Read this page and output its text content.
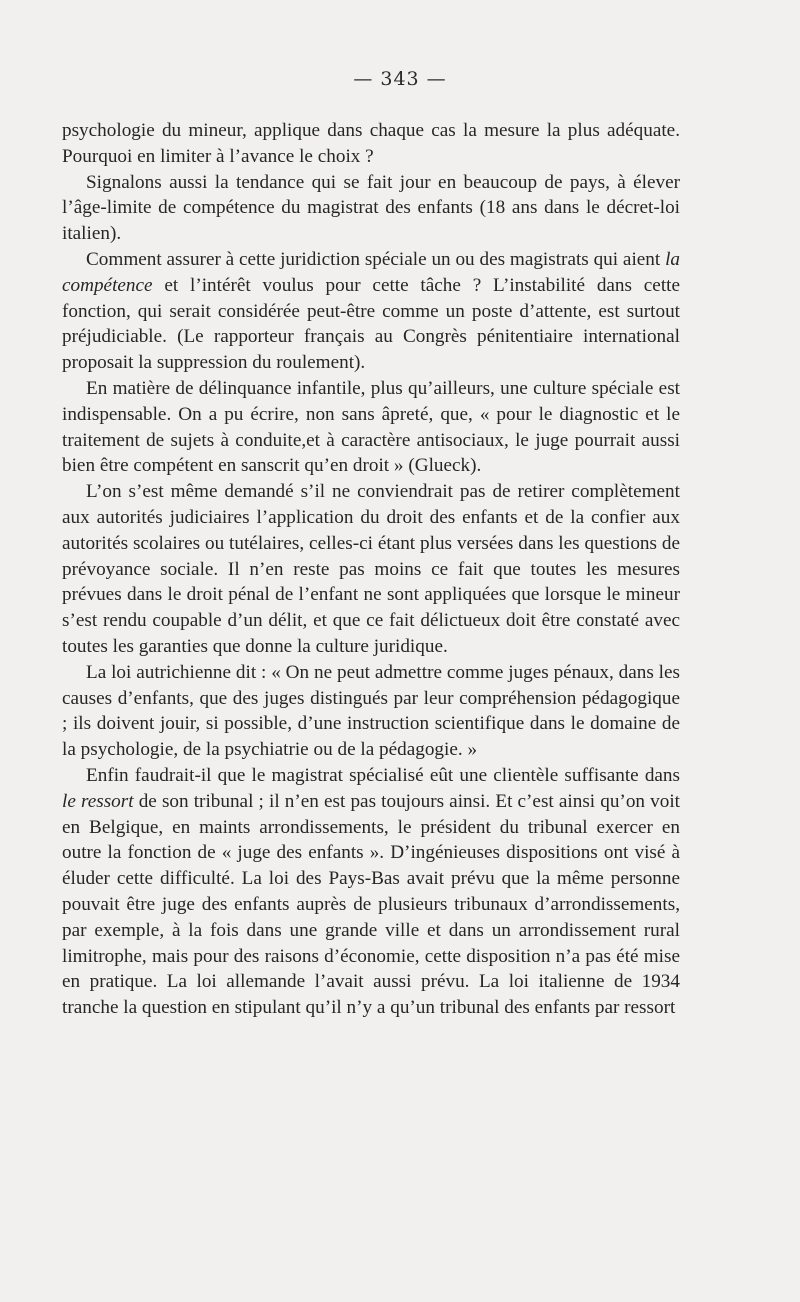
— 343 —

psychologie du mineur, applique dans chaque cas la mesure la plus adéquate. Pourquoi en limiter à l’avance le choix ?

Signalons aussi la tendance qui se fait jour en beaucoup de pays, à élever l’âge-limite de compétence du magistrat des enfants (18 ans dans le décret-loi italien).

Comment assurer à cette juridiction spéciale un ou des magistrats qui aient la compétence et l’intérêt voulus pour cette tâche ? L’instabilité dans cette fonction, qui serait considérée peut-être comme un poste d’attente, est surtout préjudiciable. (Le rapporteur français au Congrès pénitentiaire international proposait la suppression du roulement).

En matière de délinquance infantile, plus qu’ailleurs, une culture spéciale est indispensable. On a pu écrire, non sans âpreté, que, « pour le diagnostic et le traitement de sujets à conduite,et à caractère antisociaux, le juge pourrait aussi bien être compétent en sanscrit qu’en droit » (Glueck).

L’on s’est même demandé s’il ne conviendrait pas de retirer complètement aux autorités judiciaires l’application du droit des enfants et de la confier aux autorités scolaires ou tutélaires, celles-ci étant plus versées dans les questions de prévoyance sociale. Il n’en reste pas moins ce fait que toutes les mesures prévues dans le droit pénal de l’enfant ne sont appliquées que lorsque le mineur s’est rendu coupable d’un délit, et que ce fait délictueux doit être constaté avec toutes les garanties que donne la culture juridique.

La loi autrichienne dit : « On ne peut admettre comme juges pénaux, dans les causes d’enfants, que des juges distingués par leur compréhension pédagogique ; ils doivent jouir, si possible, d’une instruction scientifique dans le domaine de la psychologie, de la psychiatrie ou de la pédagogie. »

Enfin faudrait-il que le magistrat spécialisé eût une clientèle suffisante dans le ressort de son tribunal ; il n’en est pas toujours ainsi. Et c’est ainsi qu’on voit en Belgique, en maints arrondissements, le président du tribunal exercer en outre la fonction de « juge des enfants ». D’ingénieuses dispositions ont visé à éluder cette difficulté. La loi des Pays-Bas avait prévu que la même personne pouvait être juge des enfants auprès de plusieurs tribunaux d’arrondissements, par exemple, à la fois dans une grande ville et dans un arrondissement rural limitrophe, mais pour des raisons d’économie, cette disposition n’a pas été mise en pratique. La loi allemande l’avait aussi prévu. La loi italienne de 1934 tranche la question en stipulant qu’il n’y a qu’un tribunal des enfants par ressort
